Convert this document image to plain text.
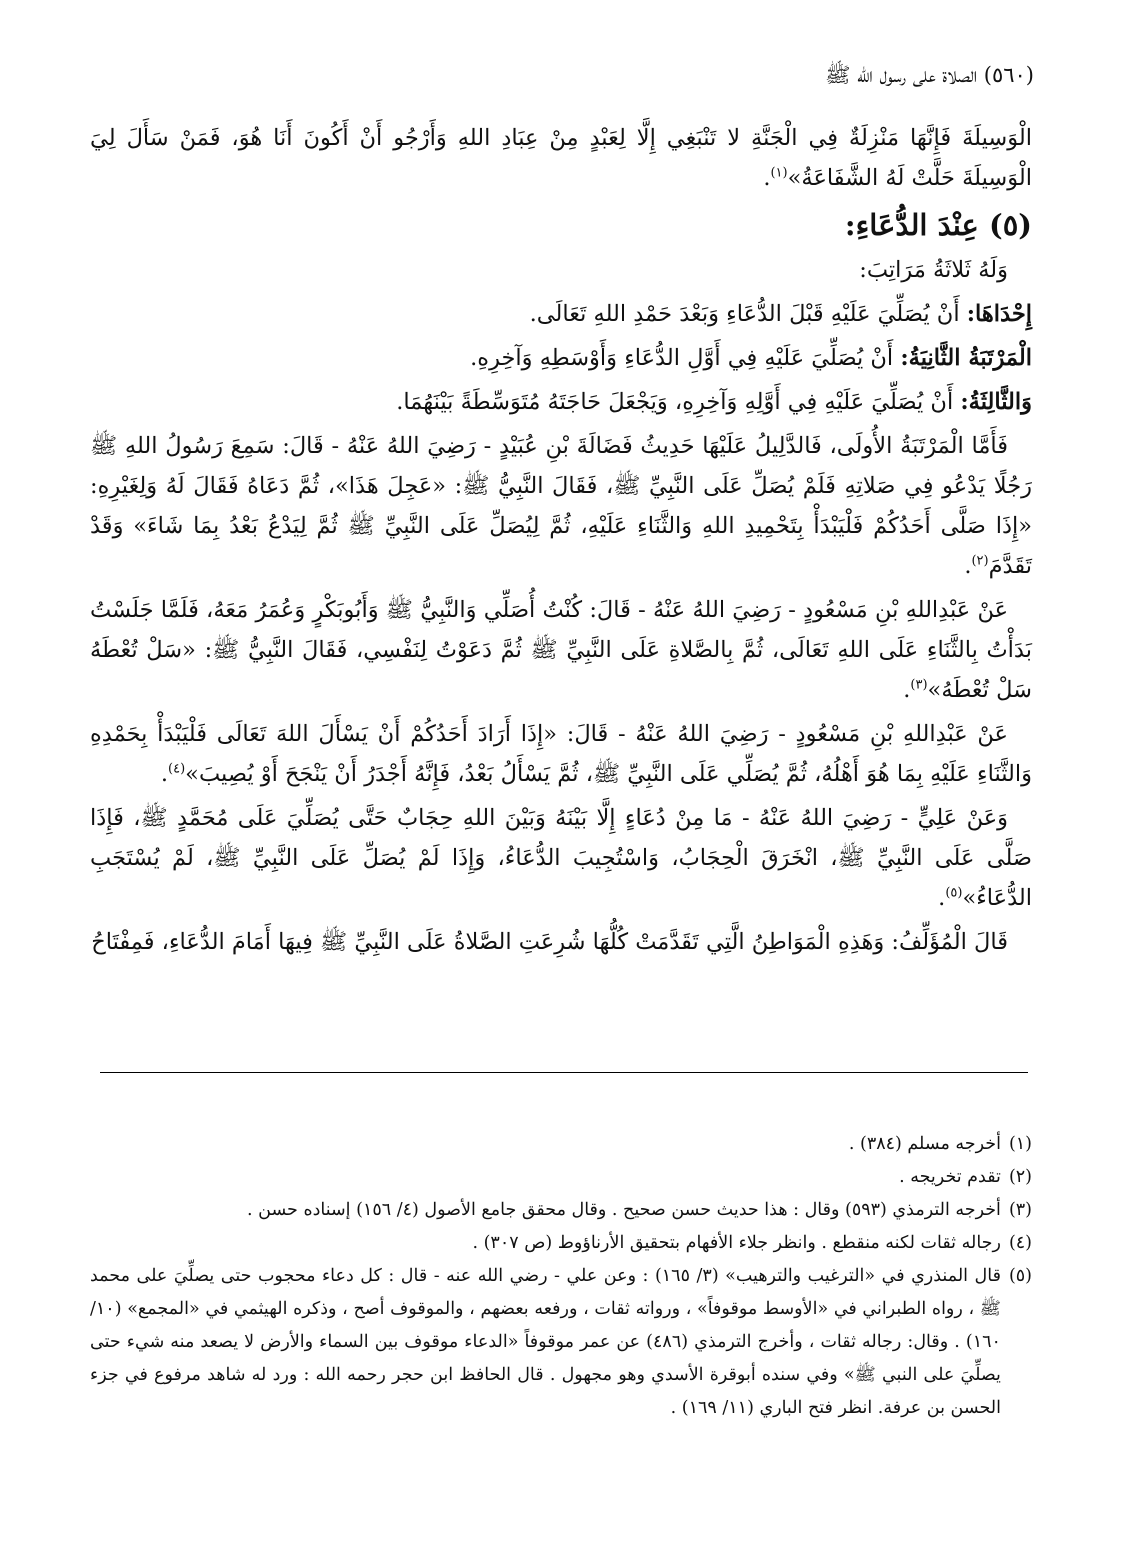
(٥٦٠) الصلاة على رسول الله ﷺ

الْوَسِيلَةَ فَإِنَّهَا مَنْزِلَةٌ فِي الْجَنَّةِ لا تَنْبَغِي إِلَّا لِعَبْدٍ مِنْ عِبَادِ اللهِ وَأَرْجُو أَنْ أَكُونَ أَنَا هُوَ، فَمَنْ سَأَلَ لِيَ الْوَسِيلَةَ حَلَّتْ لَهُ الشَّفَاعَةُ»$^{(١)}$.

(٥) عِنْدَ الدُّعَاءِ:

وَلَهُ ثَلاثَةُ مَرَاتِبَ:

إِحْدَاهَا: أَنْ يُصَلِّيَ عَلَيْهِ قَبْلَ الدُّعَاءِ وَبَعْدَ حَمْدِ اللهِ تَعَالَى.

الْمَرْتَبَةُ الثَّانِيَةُ: أَنْ يُصَلِّيَ عَلَيْهِ فِي أَوَّلِ الدُّعَاءِ وَأَوْسَطِهِ وَآخِرِهِ.

وَالثَّالِثَةُ: أَنْ يُصَلِّيَ عَلَيْهِ فِي أَوَّلِهِ وَآخِرِهِ، وَيَجْعَلَ حَاجَتَهُ مُتَوَسِّطَةً بَيْنَهُمَا.

فَأَمَّا الْمَرْتَبَةُ الأُولَى، فَالدَّلِيلُ عَلَيْهَا حَدِيثُ فَضَالَةَ بْنِ عُبَيْدٍ - رَضِيَ اللهُ عَنْهُ - قَالَ: سَمِعَ رَسُولُ اللهِ ﷺ رَجُلًا يَدْعُو فِي صَلاتِهِ فَلَمْ يُصَلِّ عَلَى النَّبِيِّ ﷺ، فَقَالَ النَّبِيُّ ﷺ: «عَجِلَ هَذَا»، ثُمَّ دَعَاهُ فَقَالَ لَهُ وَلِغَيْرِهِ: «إِذَا صَلَّى أَحَدُكُمْ فَلْيَبْدَأْ بِتَحْمِيدِ اللهِ وَالثَّنَاءِ عَلَيْهِ، ثُمَّ لِيُصَلِّ عَلَى النَّبِيِّ ﷺ ثُمَّ لِيَدْعُ بَعْدُ بِمَا شَاءَ» وَقَدْ تَقَدَّمَ$^{(٢)}$.

عَنْ عَبْدِاللهِ بْنِ مَسْعُودٍ - رَضِيَ اللهُ عَنْهُ - قَالَ: كُنْتُ أُصَلِّي وَالنَّبِيُّ ﷺ وَأَبُوبَكْرٍ وَعُمَرُ مَعَهُ، فَلَمَّا جَلَسْتُ بَدَأْتُ بِالثَّنَاءِ عَلَى اللهِ تَعَالَى، ثُمَّ بِالصَّلاةِ عَلَى النَّبِيِّ ﷺ ثُمَّ دَعَوْتُ لِنَفْسِي، فَقَالَ النَّبِيُّ ﷺ: «سَلْ تُعْطَهُ سَلْ تُعْطَهُ»$^{(٣)}$.

عَنْ عَبْدِاللهِ بْنِ مَسْعُودٍ - رَضِيَ اللهُ عَنْهُ - قَالَ: «إِذَا أَرَادَ أَحَدُكُمْ أَنْ يَسْأَلَ اللهَ تَعَالَى فَلْيَبْدَأْ بِحَمْدِهِ وَالثَّنَاءِ عَلَيْهِ بِمَا هُوَ أَهْلُهُ، ثُمَّ يُصَلِّي عَلَى النَّبِيِّ ﷺ، ثُمَّ يَسْأَلُ بَعْدُ، فَإِنَّهُ أَجْدَرُ أَنْ يَنْجَحَ أَوْ يُصِيبَ»$^{(٤)}$.

وَعَنْ عَلِيٍّ - رَضِيَ اللهُ عَنْهُ - مَا مِنْ دُعَاءٍ إِلَّا بَيْنَهُ وَبَيْنَ اللهِ حِجَابٌ حَتَّى يُصَلِّيَ عَلَى مُحَمَّدٍ ﷺ، فَإِذَا صَلَّى عَلَى النَّبِيِّ ﷺ، انْخَرَقَ الْحِجَابُ، وَاسْتُجِيبَ الدُّعَاءُ، وَإِذَا لَمْ يُصَلِّ عَلَى النَّبِيِّ ﷺ، لَمْ يُسْتَجَبِ الدُّعَاءُ»$^{(٥)}$.

قَالَ الْمُؤَلِّفُ: وَهَذِهِ الْمَوَاطِنُ الَّتِي تَقَدَّمَتْ كُلُّهَا شُرِعَتِ الصَّلاةُ عَلَى النَّبِيِّ ﷺ فِيهَا أَمَامَ الدُّعَاءِ، فَمِفْتَاحُ

(١)
أخرجه مسلم (٣٨٤) .
(٢)
تقدم تخريجه .
(٣)
أخرجه الترمذي (٥٩٣) وقال : هذا حديث حسن صحيح . وقال محقق جامع الأصول (٤/ ١٥٦) إسناده حسن .
(٤)
رجاله ثقات لكنه منقطع . وانظر جلاء الأفهام بتحقيق الأرناؤوط (ص ٣٠٧) .
(٥)
قال المنذري في «الترغيب والترهيب» (٣/ ١٦٥) : وعن علي - رضي الله عنه - قال : كل دعاء محجوب حتى يصلِّيَ على محمد ﷺ ، رواه الطبراني في «الأوسط موقوفاً» ، ورواته ثقات ، ورفعه بعضهم ، والموقوف أصح ، وذكره الهيثمي في «المجمع» (١٠/ ١٦٠) . وقال: رجاله ثقات ، وأخرج الترمذي (٤٨٦) عن عمر موقوفاً «الدعاء موقوف بين السماء والأرض لا يصعد منه شيء حتى يصلِّيَ على النبي ﷺ» وفي سنده أبوقرة الأسدي وهو مجهول . قال الحافظ ابن حجر رحمه الله : ورد له شاهد مرفوع في جزء الحسن بن عرفة. انظر فتح الباري (١١/ ١٦٩) .
